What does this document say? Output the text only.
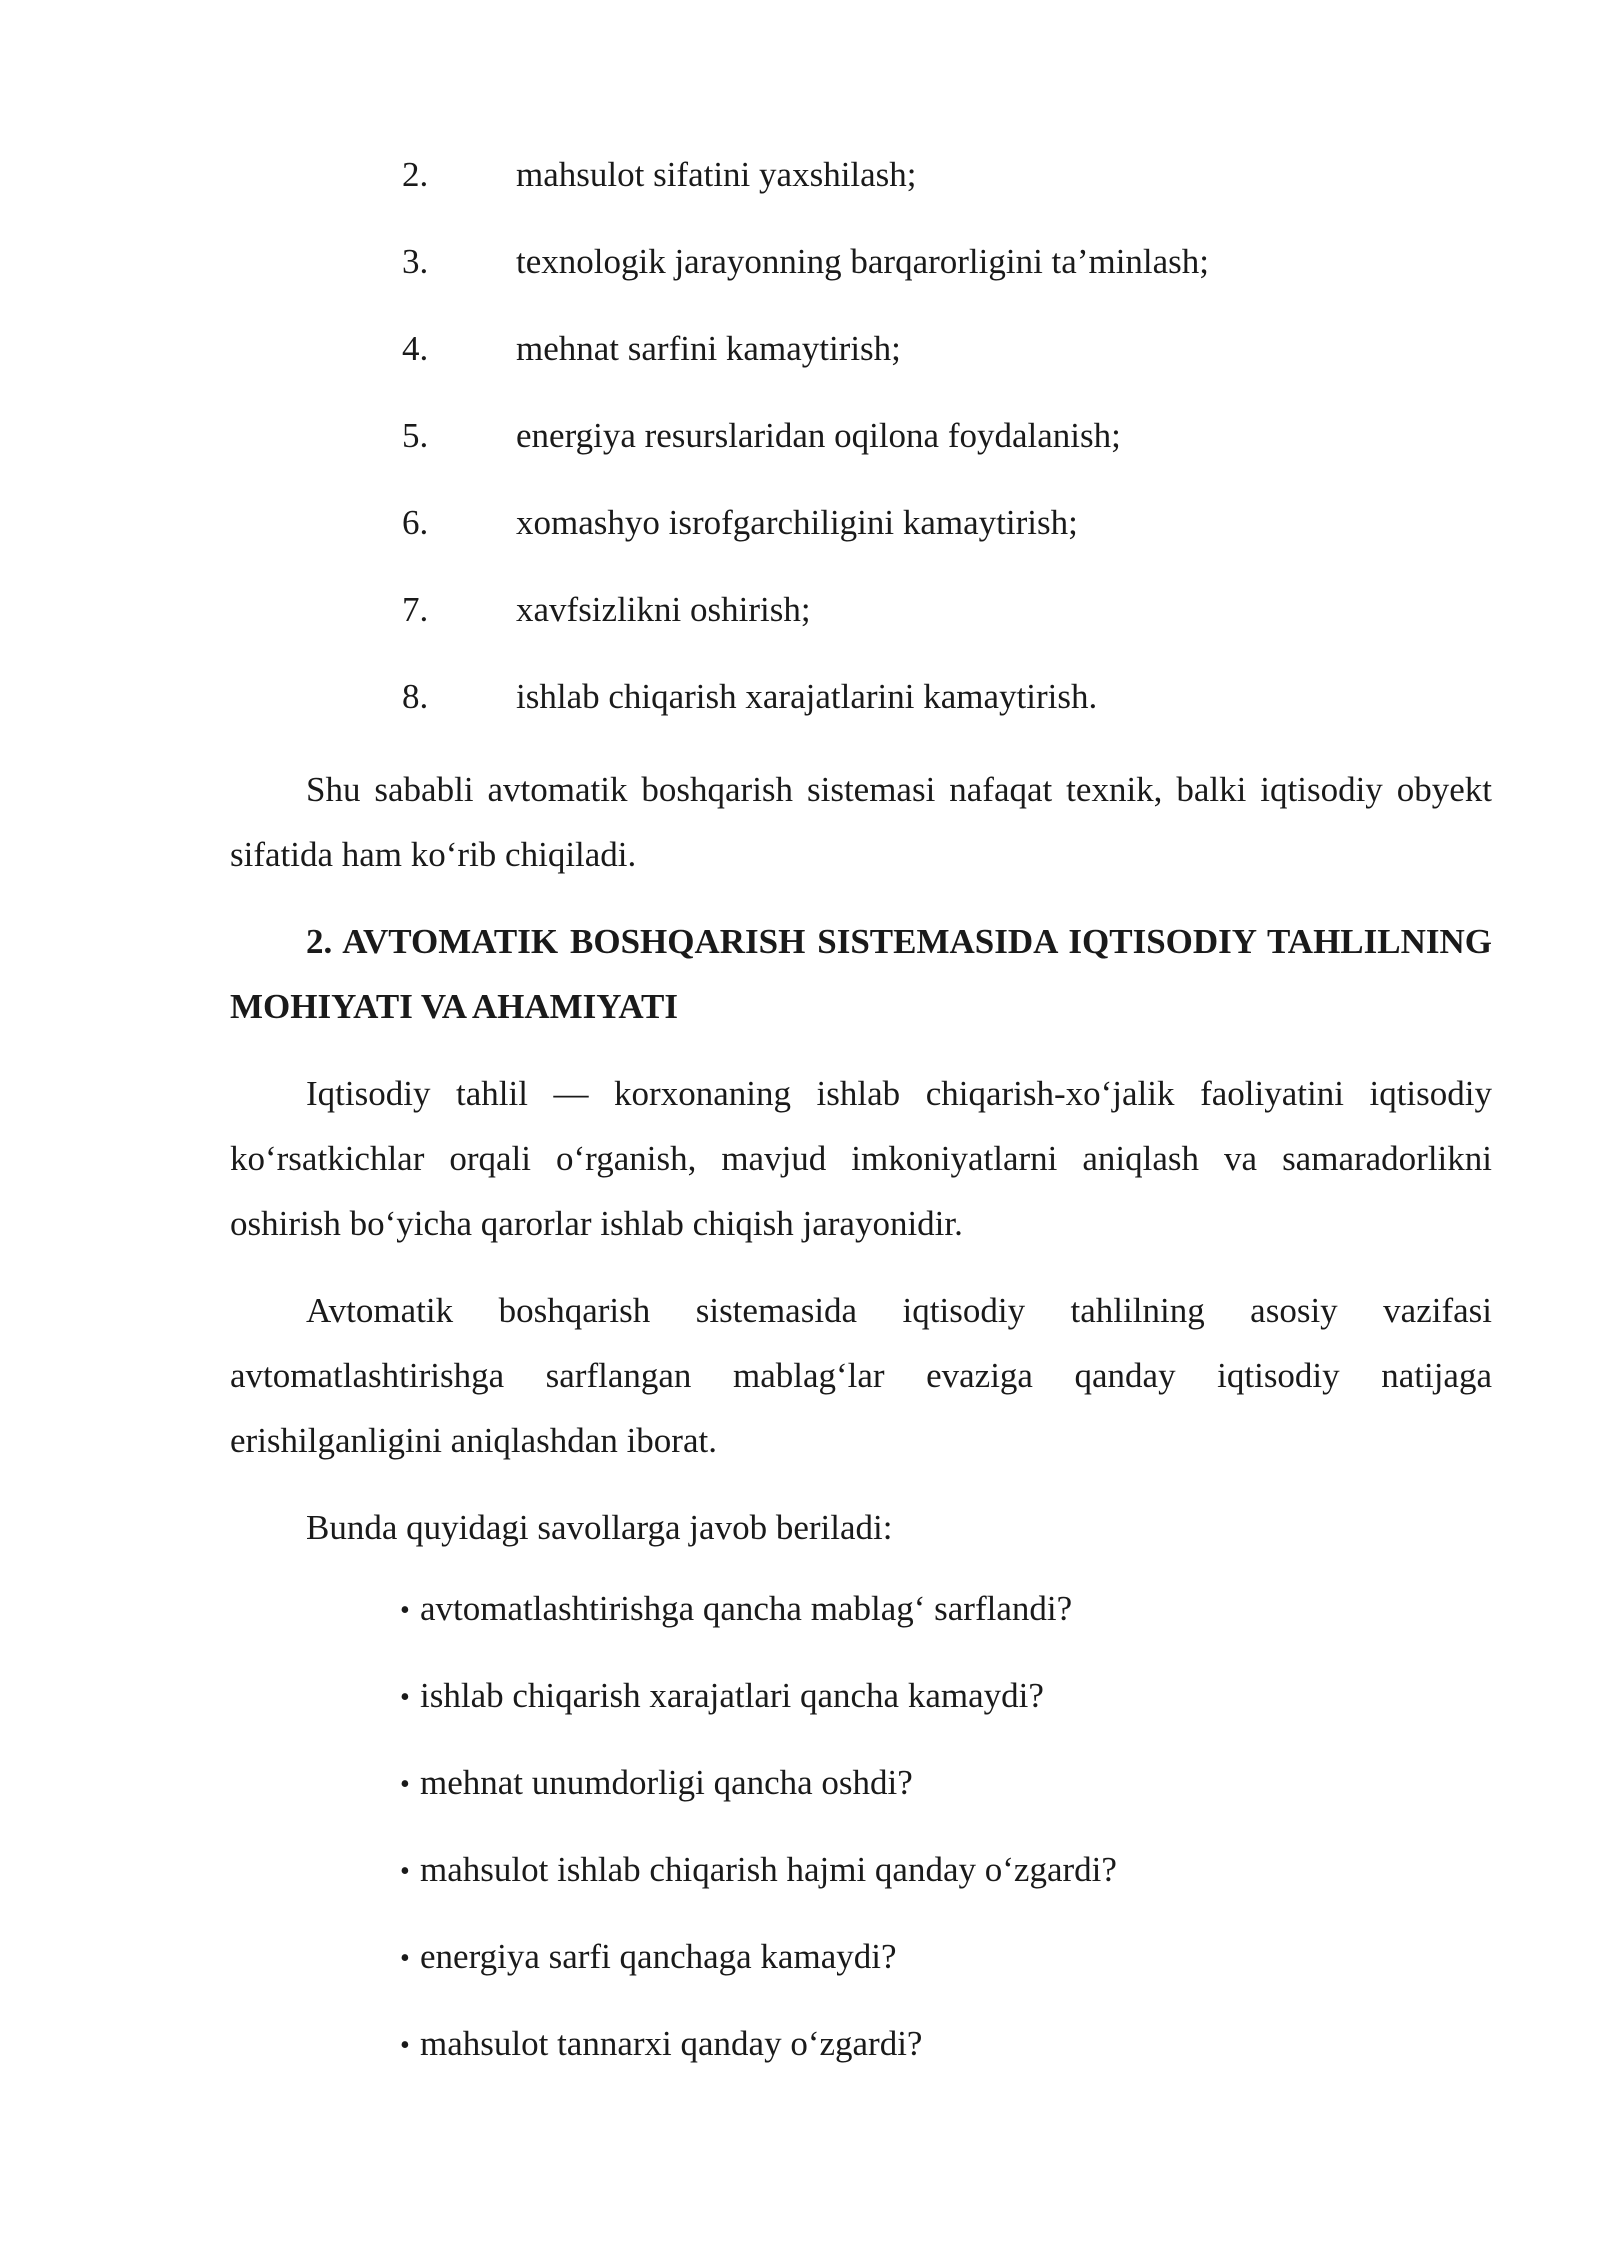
2.	mahsulot sifatini yaxshilash;
3.	texnologik jarayonning barqarorligini ta’minlash;
4.	mehnat sarfini kamaytirish;
5.	energiya resurslaridan oqilona foydalanish;
6.	xomashyo isrofgarchiligini kamaytirish;
7.	xavfsizlikni oshirish;
8.	ishlab chiqarish xarajatlarini kamaytirish.

Shu sababli avtomatik boshqarish sistemasi nafaqat texnik, balki iqtisodiy obyekt sifatida ham ko‘rib chiqiladi.

2. AVTOMATIK BOSHQARISH SISTEMASIDA IQTISODIY TAHLILNING MOHIYATI VA AHAMIYATI

Iqtisodiy tahlil — korxonaning ishlab chiqarish-xo‘jalik faoliyatini iqtisodiy ko‘rsatkichlar orqali o‘rganish, mavjud imkoniyatlarni aniqlash va samaradorlikni oshirish bo‘yicha qarorlar ishlab chiqish jarayonidir.

Avtomatik boshqarish sistemasida iqtisodiy tahlilning asosiy vazifasi avtomatlashtirishga sarflangan mablag‘lar evaziga qanday iqtisodiy natijaga erishilganligini aniqlashdan iborat.

Bunda quyidagi savollarga javob beriladi:

• avtomatlashtirishga qancha mablag‘ sarflandi?
• ishlab chiqarish xarajatlari qancha kamaydi?
• mehnat unumdorligi qancha oshdi?
• mahsulot ishlab chiqarish hajmi qanday o‘zgardi?
• energiya sarfi qanchaga kamaydi?
• mahsulot tannarxi qanday o‘zgardi?
